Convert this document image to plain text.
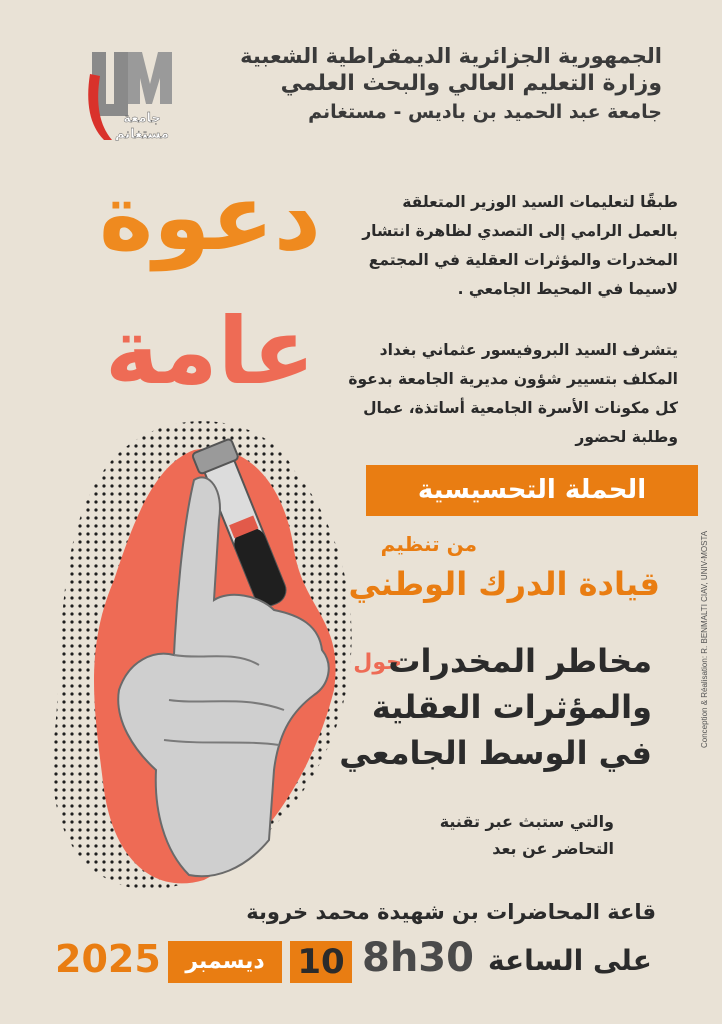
جامعة
مستغانم
الجمهورية الجزائرية الديمقراطية الشعبية
وزارة التعليم العالي والبحث العلمي
جامعة عبد الحميد بن باديس - مستغانم
دعوة
عامة
طبقًا لتعليمات السيد الوزير المتعلقة بالعمل الرامي إلى التصدي لظاهرة انتشار المخدرات والمؤثرات العقلية في المجتمع لاسيما في المحيط الجامعي .
يتشرف السيد البروفيسور عثماني بغداد المكلف بتسيير شؤون مديرية الجامعة بدعوة كل مكونات الأسرة الجامعية أساتذة، عمال وطلبة لحضور
الحملة التحسيسية
من تنظيم
قيادة الدرك الوطني
حول
مخاطر المخدرات
والمؤثرات العقلية
في الوسط الجامعي
والتي ستبث عبر تقنية
التحاضر عن بعد
قاعة المحاضرات بن شهيدة محمد خروبة
على الساعة
8h30
10
ديسمبر
2025
Conception & Réalisation: R. BENMALTI CIAV, UNIV-MOSTA
